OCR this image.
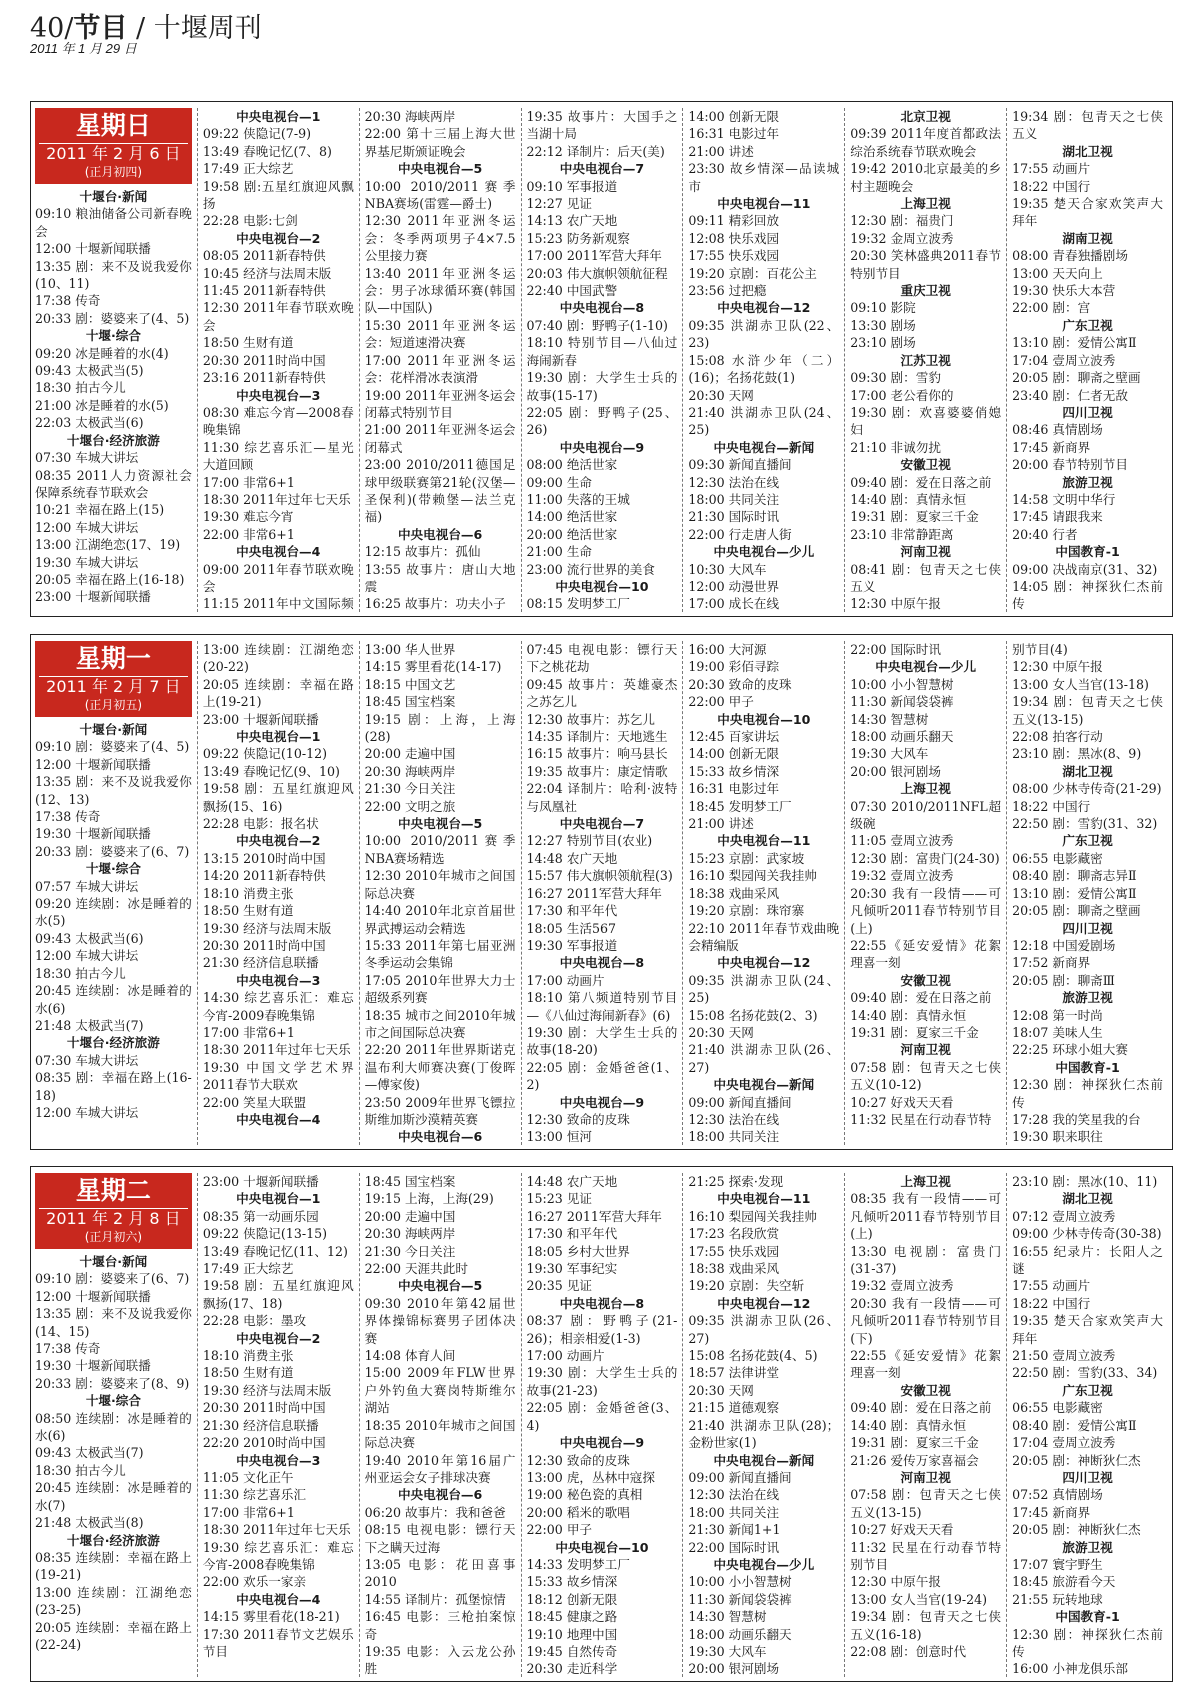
40/节目 / 十堰周刊
2011 年 1 月 29 日
星期日
2011 年 2 月 6 日
(正月初四)
十堰台·新闻
09:10 粮油储备公司新春晚会
12:00 十堰新闻联播
13:35 剧：来不及说我爱你(10、11)
17:38 传奇
20:33 剧：婆婆来了(4、5)
十堰·综合
09:20 冰是睡着的水(4)
09:43 太极武当(5)
18:30 拍古今儿
21:00 冰是睡着的水(5)
22:03 太极武当(6)
十堰台·经济旅游
07:30 车城大讲坛
08:35 2011人力资源社会保障系统春节联欢会
10:21 幸福在路上(15)
12:00 车城大讲坛
13:00 江湖绝恋(17、19)
19:30 车城大讲坛
20:05 幸福在路上(16-18)
23:00 十堰新闻联播
中央电视台—1
09:22 侠隐记(7-9)
13:49 春晚记忆(7、8)
17:49 正大综艺
19:58 剧:五星红旗迎风飘扬
22:28 电影:七剑
中央电视台—2
08:05 2011新春特供
10:45 经济与法周末版
11:45 2011新春特供
12:30 2011年春节联欢晚会
18:50 生财有道
20:30 2011时尚中国
23:16 2011新春特供
中央电视台—3
08:30 难忘今宵—2008春晚集锦
11:30 综艺喜乐汇—星光大道回顾
17:00 非常6+1
18:30 2011年过年七天乐
19:30 难忘今宵
22:00 非常6+1
中央电视台—4
09:00 2011年春节联欢晚会
11:15 2011年中文国际频
20:30 海峡两岸
22:00 第十三届上海大世界基尼斯颁证晚会
中央电视台—5
10:00 2010/2011赛季NBA赛场(雷霆—爵士)
12:30 2011年亚洲冬运会：冬季两项男子4×7.5公里接力赛
13:40 2011年亚洲冬运会：男子冰球循环赛(韩国队—中国队)
15:30 2011年亚洲冬运会：短道速滑决赛
17:00 2011年亚洲冬运会：花样滑冰表演滑
19:00 2011年亚洲冬运会闭幕式特别节目
21:00 2011年亚洲冬运会闭幕式
23:00 2010/2011德国足球甲级联赛第21轮(汉堡—圣保利)(带赖堡—法兰克福)
中央电视台—6
12:15 故事片：孤仙
13:55 故事片：唐山大地震
16:25 故事片：功夫小子
19:35 故事片：大国手之当湖十局
22:12 译制片：后天(美)
中央电视台—7
09:10 军事报道
12:27 见证
14:13 农广天地
15:23 防务新观察
17:00 2011军营大拜年
20:03 伟大旗帜领航征程
22:40 中国武警
中央电视台—8
07:40 剧：野鸭子(1-10)
18:10 特别节目—八仙过海闹新春
19:30 剧：大学生士兵的故事(15-17)
22:05 剧：野鸭子(25、26)
中央电视台—9
08:00 绝活世家
09:00 生命
11:00 失落的王城
14:00 绝活世家
20:00 绝活世家
21:00 生命
23:00 流行世界的美食
中央电视台—10
08:15 发明梦工厂
14:00 创新无限
16:31 电影过年
21:00 讲述
23:30 故乡情深—品读城市
中央电视台—11
09:11 精彩回放
12:08 快乐戏园
17:55 快乐戏园
19:20 京剧：百花公主
23:56 过把瘾
中央电视台—12
09:35 洪湖赤卫队(22、23)
15:08 水浒少年（二）(16)；名扬花鼓(1)
20:30 天网
21:40 洪湖赤卫队(24、25)
中央电视台—新闻
09:30 新闻直播间
12:30 法治在线
18:00 共同关注
21:30 国际时讯
22:00 行走唐人街
中央电视台—少儿
10:30 大风车
12:00 动漫世界
17:00 成长在线
北京卫视
09:39 2011年度首都政法综治系统春节联欢晚会
19:42 2010北京最美的乡村主题晚会
上海卫视
12:30 剧：福贵门
19:32 金周立波秀
20:30 笑林盛典2011春节特别节目
重庆卫视
09:10 影院
13:30 剧场
23:10 剧场
江苏卫视
09:30 剧：雪豹
17:00 老公看你的
19:30 剧：欢喜婆婆俏媳妇
21:10 非诚勿扰
安徽卫视
09:40 剧：爱在日落之前
14:40 剧：真情永恒
19:31 剧：夏家三千金
23:10 非常静距离
河南卫视
08:41 剧：包青天之七侠五义
12:30 中原午报
19:34 剧：包青天之七侠五义
湖北卫视
17:55 动画片
18:22 中国行
19:35 楚天合家欢笑声大拜年
湖南卫视
08:00 青春独播剧场
13:00 天天向上
19:30 快乐大本营
22:00 剧：宫
广东卫视
13:10 剧：爱情公寓Ⅱ
17:04 壹周立波秀
20:05 剧：聊斋之壁画
23:40 剧：仁者无敌
四川卫视
08:46 真情剧场
17:45 新商界
20:00 春节特别节目
旅游卫视
14:58 文明中华行
17:45 请跟我来
20:40 行者
中国教育-1
09:00 决战南京(31、32)
14:05 剧：神探狄仁杰前传
星期一
2011 年 2 月 7 日
(正月初五)
十堰台·新闻
09:10 剧：婆婆来了(4、5)
12:00 十堰新闻联播
13:35 剧：来不及说我爱你(12、13)
17:38 传奇
19:30 十堰新闻联播
20:33 剧：婆婆来了(6、7)
十堰·综合
07:57 车城大讲坛
09:20 连续剧：冰是睡着的水(5)
09:43 太极武当(6)
12:00 车城大讲坛
18:30 拍古今儿
20:45 连续剧：冰是睡着的水(6)
21:48 太极武当(7)
十堰台·经济旅游
07:30 车城大讲坛
08:35 剧：幸福在路上(16-18)
12:00 车城大讲坛
13:00 连续剧：江湖绝恋(20-22)
20:05 连续剧：幸福在路上(19-21)
23:00 十堰新闻联播
中央电视台—1
09:22 侠隐记(10-12)
13:49 春晚记忆(9、10)
19:58 剧：五星红旗迎风飘扬(15、16)
22:28 电影：报名状
中央电视台—2
13:15 2010时尚中国
14:20 2011新春特供
18:10 消费主张
18:50 生财有道
19:30 经济与法周末版
20:30 2011时尚中国
21:30 经济信息联播
中央电视台—3
14:30 综艺喜乐汇：难忘今宵-2009春晚集锦
17:00 非常6+1
18:30 2011年过年七天乐
19:30 中国文学艺术界2011春节大联欢
22:00 笑星大联盟
中央电视台—4
13:00 华人世界
14:15 雾里看花(14-17)
18:15 中国文艺
18:45 国宝档案
19:15 剧：上海，上海(28)
20:00 走遍中国
20:30 海峡两岸
21:30 今日关注
22:00 文明之旅
中央电视台—5
10:00 2010/2011赛季NBA赛场精选
12:30 2010年城市之间国际总决赛
14:40 2010年北京首届世界武搏运动会精选
15:33 2011年第七届亚洲冬季运动会集锦
17:05 2010年世界大力士超级系列赛
18:35 城市之间2010年城市之间国际总决赛
22:20 2011年世界斯诺克温布利大师赛决赛(丁俊晖—傅家俊)
23:50 2009年世界飞镖拉斯维加斯沙漠精英赛
中央电视台—6
07:45 电视电影：镖行天下之桃花劫
09:45 故事片：英雄豪杰之苏乞儿
12:30 故事片：苏乞儿
14:35 译制片：天地逃生
16:15 故事片：响马县长
19:35 故事片：康定情歌
22:04 译制片：哈利·波特与凤凰社
中央电视台—7
12:27 特别节目(农业)
14:48 农广天地
15:57 伟大旗帜领航程(3)
16:27 2011军营大拜年
17:30 和平年代
18:05 生活567
19:30 军事报道
中央电视台—8
17:00 动画片
18:10 第八频道特别节目—《八仙过海闹新春》(6)
19:30 剧：大学生士兵的故事(18-20)
22:05 剧：金婚爸爸(1、2)
中央电视台—9
12:30 致命的皮珠
13:00 恒河
16:00 大河源
19:00 彩佰寻踪
20:30 致命的皮珠
22:00 甲子
中央电视台—10
12:45 百家讲坛
14:00 创新无限
15:33 故乡情深
16:31 电影过年
18:45 发明梦工厂
21:00 讲述
中央电视台—11
15:23 京剧：武家坡
16:10 梨园闯关我挂帅
18:38 戏曲采风
19:20 京剧：珠帘寨
22:10 2011年春节戏曲晚会精编版
中央电视台—12
09:35 洪湖赤卫队(24、25)
15:08 名扬花鼓(2、3)
20:30 天网
21:40 洪湖赤卫队(26、27)
中央电视台—新闻
09:00 新闻直播间
12:30 法治在线
18:00 共同关注
22:00 国际时讯
中央电视台—少儿
10:00 小小智慧树
11:30 新闻袋袋裤
14:30 智慧树
18:00 动画乐翻天
19:30 大风车
20:00 银河剧场
上海卫视
07:30 2010/2011NFL超级碗
11:05 壹周立波秀
12:30 剧：富贵门(24-30)
19:32 壹周立波秀
20:30 我有一段情——可凡倾听2011春节特别节目(上)
22:55《延安爱情》花絮 理喜一刻
安徽卫视
09:40 剧：爱在日落之前
14:40 剧：真情永恒
19:31 剧：夏家三千金
河南卫视
07:58 剧：包青天之七侠五义(10-12)
10:27 好戏天天看
11:32 民星在行动春节特
别节目(4)
12:30 中原午报
13:00 女人当官(13-18)
19:34 剧：包青天之七侠五义(13-15)
22:08 拍客行动
23:10 剧：黑冰(8、9)
湖北卫视
08:00 少林寺传奇(21-29)
18:22 中国行
22:50 剧：雪豹(31、32)
广东卫视
06:55 电影藏密
08:40 剧：聊斋志异Ⅱ
13:10 剧：爱情公寓Ⅱ
20:05 剧：聊斋之壁画
四川卫视
12:18 中国爱剧场
17:52 新商界
20:05 剧：聊斋Ⅲ
旅游卫视
12:08 第一时尚
18:07 美味人生
22:25 环球小姐大赛
中国教育-1
12:30 剧：神探狄仁杰前传
17:28 我的笑星我的台
19:30 职来职往
星期二
2011 年 2 月 8 日
(正月初六)
十堰台·新闻
09:10 剧：婆婆来了(6、7)
12:00 十堰新闻联播
13:35 剧：来不及说我爱你(14、15)
17:38 传奇
19:30 十堰新闻联播
20:33 剧：婆婆来了(8、9)
十堰·综合
08:50 连续剧：冰是睡着的水(6)
09:43 太极武当(7)
18:30 拍古今儿
20:45 连续剧：冰是睡着的水(7)
21:48 太极武当(8)
十堰台·经济旅游
08:35 连续剧：幸福在路上(19-21)
13:00 连续剧：江湖绝恋(23-25)
20:05 连续剧：幸福在路上(22-24)
23:00 十堰新闻联播
中央电视台—1
08:35 第一动画乐园
09:22 侠隐记(13-15)
13:49 春晚记忆(11、12)
17:49 正大综艺
19:58 剧：五星红旗迎风飘扬(17、18)
22:28 电影：墨攻
中央电视台—2
18:10 消费主张
18:50 生财有道
19:30 经济与法周末版
20:30 2011时尚中国
21:30 经济信息联播
22:20 2010时尚中国
中央电视台—3
11:05 文化正午
11:30 综艺喜乐汇
17:00 非常6+1
18:30 2011年过年七天乐
19:30 综艺喜乐汇：难忘今宵-2008春晚集锦
22:00 欢乐一家亲
中央电视台—4
14:15 雾里看花(18-21)
17:30 2011春节文艺娱乐节目
18:45 国宝档案
19:15 上海，上海(29)
20:00 走遍中国
20:30 海峡两岸
21:30 今日关注
22:00 天涯共此时
中央电视台—5
09:30 2010年第42届世界体操锦标赛男子团体决赛
14:08 体育人间
15:00 2009年FLW世界户外钓鱼大赛岗特斯维尔湖站
18:35 2010年城市之间国际总决赛
19:40 2010年第16届广州亚运会女子排球决赛
中央电视台—6
06:20 故事片：我和爸爸
08:15 电视电影：镖行天下之瞒天过海
13:05 电影：花田喜事2010
14:55 译制片：孤堡惊情
16:45 电影：三枪拍案惊奇
19:35 电影：入云龙公孙胜
14:48 农广天地
15:23 见证
16:27 2011军营大拜年
17:30 和平年代
18:05 乡村大世界
19:30 军事纪实
20:35 见证
中央电视台—8
08:37 剧：野鸭子(21-26)；相亲相爱(1-3)
17:00 动画片
19:30 剧：大学生士兵的故事(21-23)
22:05 剧：金婚爸爸(3、4)
中央电视台—9
12:30 致命的皮珠
13:00 虎，丛林中寇探
19:00 秘色瓷的真相
20:00 稻米的歌唱
22:00 甲子
中央电视台—10
14:33 发明梦工厂
15:33 故乡情深
18:12 创新无限
18:45 健康之路
19:10 地理中国
19:45 自然传奇
20:30 走近科学
21:25 探索·发现
中央电视台—11
16:10 梨园闯关我挂帅
17:23 名段欣赏
17:55 快乐戏园
18:38 戏曲采风
19:20 京剧：失空斩
中央电视台—12
09:35 洪湖赤卫队(26、27)
15:08 名扬花鼓(4、5)
18:57 法律讲堂
20:30 天网
21:15 道德观察
21:40 洪湖赤卫队(28)；金粉世家(1)
中央电视台—新闻
09:00 新闻直播间
12:30 法治在线
18:00 共同关注
21:30 新闻1+1
22:00 国际时讯
中央电视台—少儿
10:00 小小智慧树
11:30 新闻袋袋裤
14:30 智慧树
18:00 动画乐翻天
19:30 大风车
20:00 银河剧场
上海卫视
08:35 我有一段情——可凡倾听2011春节特别节目(上)
13:30 电视剧：富贵门(31-37)
19:32 壹周立波秀
20:30 我有一段情——可凡倾听2011春节特别节目(下)
22:55《延安爱情》花絮 理喜一刻
安徽卫视
09:40 剧：爱在日落之前
14:40 剧：真情永恒
19:31 剧：夏家三千金
21:26 爱传万家喜福会
河南卫视
07:58 剧：包青天之七侠五义(13-15)
10:27 好戏天天看
11:32 民星在行动春节特别节目
12:30 中原午报
13:00 女人当官(19-24)
19:34 剧：包青天之七侠五义(16-18)
22:08 剧：创意时代
23:10 剧：黑冰(10、11)
湖北卫视
07:12 壹周立波秀
09:00 少林寺传奇(30-38)
16:55 纪录片：长阳人之谜
17:55 动画片
18:22 中国行
19:35 楚天合家欢笑声大拜年
21:50 壹周立波秀
22:50 剧：雪豹(33、34)
广东卫视
06:55 电影藏密
08:40 剧：爱情公寓Ⅱ
17:04 壹周立波秀
20:05 剧：神断狄仁杰
四川卫视
07:52 真情剧场
17:45 新商界
20:05 剧：神断狄仁杰
旅游卫视
17:07 寰宇野生
18:45 旅游看今天
21:55 玩转地球
中国教育-1
12:30 剧：神探狄仁杰前传
16:00 小神龙俱乐部
